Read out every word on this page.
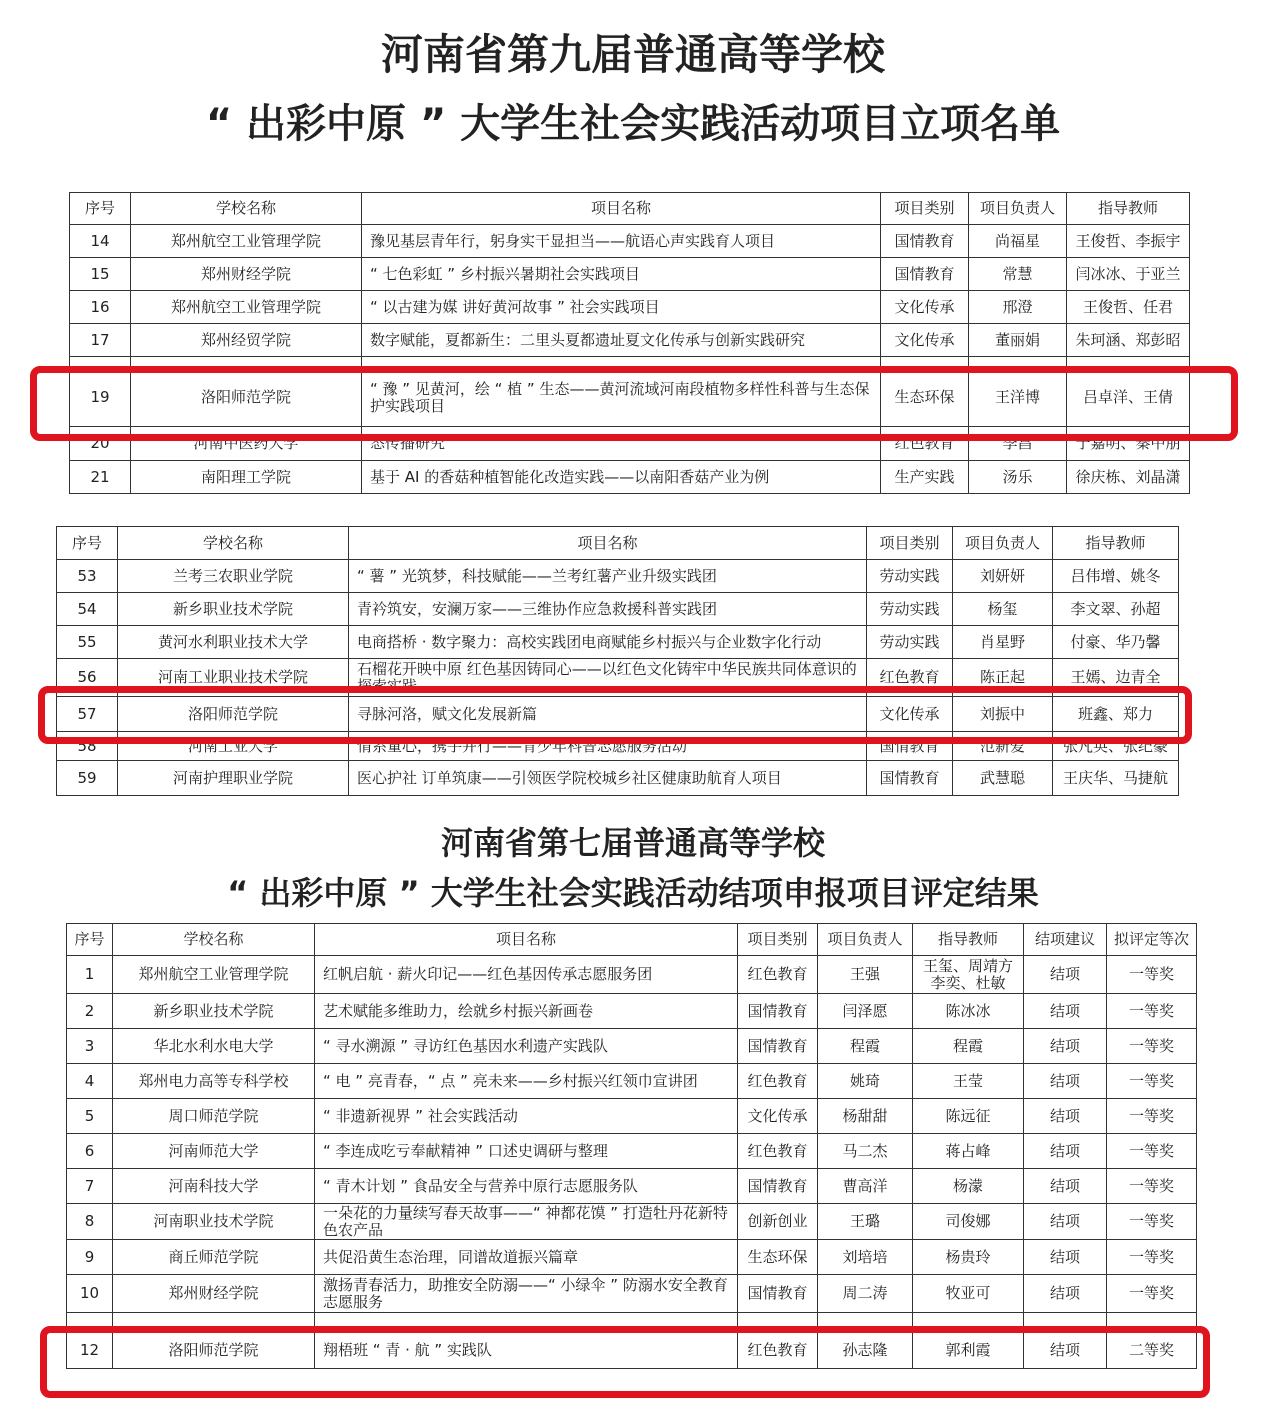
河南省第九届普通高等学校
“ 出彩中原 ” 大学生社会实践活动项目立项名单
序号	学校名称	项目名称	项目类别	项目负责人	指导教师
14	郑州航空工业管理学院	豫见基层青年行，躬身实干显担当——航语心声实践育人项目	国情教育	尚福星	王俊哲、李振宇
15	郑州财经学院	“ 七色彩虹 ” 乡村振兴暑期社会实践项目	国情教育	常慧	闫冰冰、于亚兰
16	郑州航空工业管理学院	“ 以古建为媒 讲好黄河故事 ” 社会实践项目	文化传承	邢澄	王俊哲、任君
17	郑州经贸学院	数字赋能，夏都新生：二里头夏都遗址夏文化传承与创新实践研究	文化传承	董丽娟	朱珂涵、郑彭昭

19	洛阳师范学院	“ 豫 ” 见黄河，绘 “ 植 ” 生态——黄河流域河南段植物多样性科普与生态保护实践项目	生态环保	王洋博	吕卓洋、王倩
20	河南中医药大学	态传播研究	红色教育	李昌	于嘉明、秦中朋
21	南阳理工学院	基于 AI 的香菇种植智能化改造实践——以南阳香菇产业为例	生产实践	汤乐	徐庆栋、刘晶潇
序号	学校名称	项目名称	项目类别	项目负责人	指导教师
53	兰考三农职业学院	“ 薯 ” 光筑梦，科技赋能——兰考红薯产业升级实践团	劳动实践	刘妍妍	吕伟增、姚冬
54	新乡职业技术学院	青衿筑安，安澜万家——三维协作应急救援科普实践团	劳动实践	杨玺	李文翠、孙超
55	黄河水利职业技术大学	电商搭桥 · 数字聚力：高校实践团电商赋能乡村振兴与企业数字化行动	劳动实践	肖星野	付豪、华乃馨
56	河南工业职业技术学院	石榴花开映中原 红色基因铸同心——以红色文化铸牢中华民族共同体意识的探索实践	红色教育	陈正起	王嫣、边青全
57	洛阳师范学院	寻脉河洛，赋文化发展新篇	文化传承	刘振中	班鑫、郑力
58	河南工业大学	情系童心，携手并行——青少年科普志愿服务活动	国情教育	范新爱	张凡英、张纪豪
59	河南护理职业学院	医心护社 订单筑康——引领医学院校城乡社区健康助航育人项目	国情教育	武慧聪	王庆华、马捷航
河南省第七届普通高等学校
“ 出彩中原 ” 大学生社会实践活动结项申报项目评定结果
序号	学校名称	项目名称	项目类别	项目负责人	指导教师	结项建议	拟评定等次
1	郑州航空工业管理学院	红帆启航 · 薪火印记——红色基因传承志愿服务团	红色教育	王强	王玺、周靖方 李奕、杜敏	结项	一等奖
2	新乡职业技术学院	艺术赋能多维助力，绘就乡村振兴新画卷	国情教育	闫泽愿	陈冰冰	结项	一等奖
3	华北水利水电大学	“ 寻水溯源 ” 寻访红色基因水利遗产实践队	国情教育	程霞	程霞	结项	一等奖
4	郑州电力高等专科学校	“ 电 ” 亮青春，“ 点 ” 亮未来——乡村振兴红领巾宣讲团	红色教育	姚琦	王莹	结项	一等奖
5	周口师范学院	“ 非遗新视界 ” 社会实践活动	文化传承	杨甜甜	陈远征	结项	一等奖
6	河南师范大学	“ 李连成吃亏奉献精神 ” 口述史调研与整理	红色教育	马二杰	蒋占峰	结项	一等奖
7	河南科技大学	“ 青木计划 ” 食品安全与营养中原行志愿服务队	国情教育	曹高洋	杨濛	结项	一等奖
8	河南职业技术学院	一朵花的力量续写春天故事——“ 神都花馍 ” 打造牡丹花新特色农产品	创新创业	王璐	司俊娜	结项	一等奖
9	商丘师范学院	共促沿黄生态治理，同谱故道振兴篇章	生态环保	刘培培	杨贵玲	结项	一等奖
10	郑州财经学院	激扬青春活力，助推安全防溺——“ 小绿伞 ” 防溺水安全教育志愿服务	国情教育	周二涛	牧亚可	结项	一等奖

12	洛阳师范学院	翔梧班 “ 青 · 航 ” 实践队	红色教育	孙志隆	郭利霞	结项	二等奖
